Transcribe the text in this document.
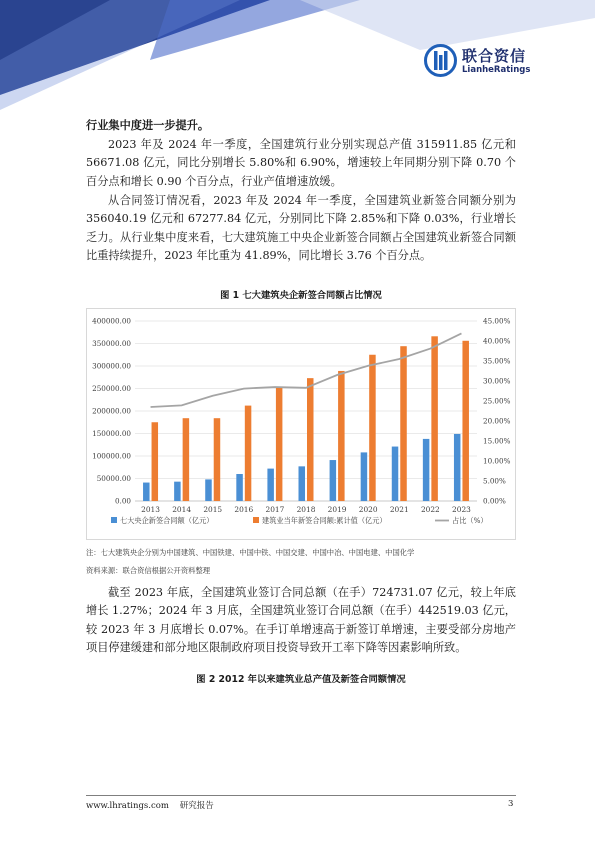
联合资信
LianheRatings

行业集中度进一步提升。

2023 年及 2024 年一季度，全国建筑行业分别实现总产值 315911.85 亿元和 56671.08 亿元，同比分别增长 5.80%和 6.90%，增速较上年同期分别下降 0.70 个百分点和增长 0.90 个百分点，行业产值增速放缓。

从合同签订情况看，2023 年及 2024 年一季度，全国建筑业新签合同额分别为 356040.19 亿元和 67277.84 亿元，分别同比下降 2.85%和下降 0.03%，行业增长乏力。从行业集中度来看，七大建筑施工中央企业新签合同额占全国建筑业新签合同额比重持续提升，2023 年比重为 41.89%，同比增长 3.76 个百分点。

图 1 七大建筑央企新签合同额占比情况
0.00
50000.00
100000.00
150000.00
200000.00
250000.00
300000.00
350000.00
400000.00
0.00%
5.00%
10.00%
15.00%
20.00%
25.00%
30.00%
35.00%
40.00%
45.00%
2013 2014 2015 2016 2017 2018 2019 2020 2021 2022 2023
七大央企新签合同额（亿元）	建筑业当年新签合同额:累计值（亿元）	占比（%）
注：七大建筑央企分别为中国建筑、中国铁建、中国中铁、中国交建、中国中冶、中国电建、中国化学
资料来源：联合资信根据公开资料整理

截至 2023 年底，全国建筑业签订合同总额（在手）724731.07 亿元，较上年底增长 1.27%；2024 年 3 月底，全国建筑业签订合同总额（在手）442519.03 亿元，较 2023 年 3 月底增长 0.07%。在手订单增速高于新签订单增速，主要受部分房地产项目停建缓建和部分地区限制政府项目投资导致开工率下降等因素影响所致。

图 2 2012 年以来建筑业总产值及新签合同额情况
www.lhratings.com 研究报告	3
